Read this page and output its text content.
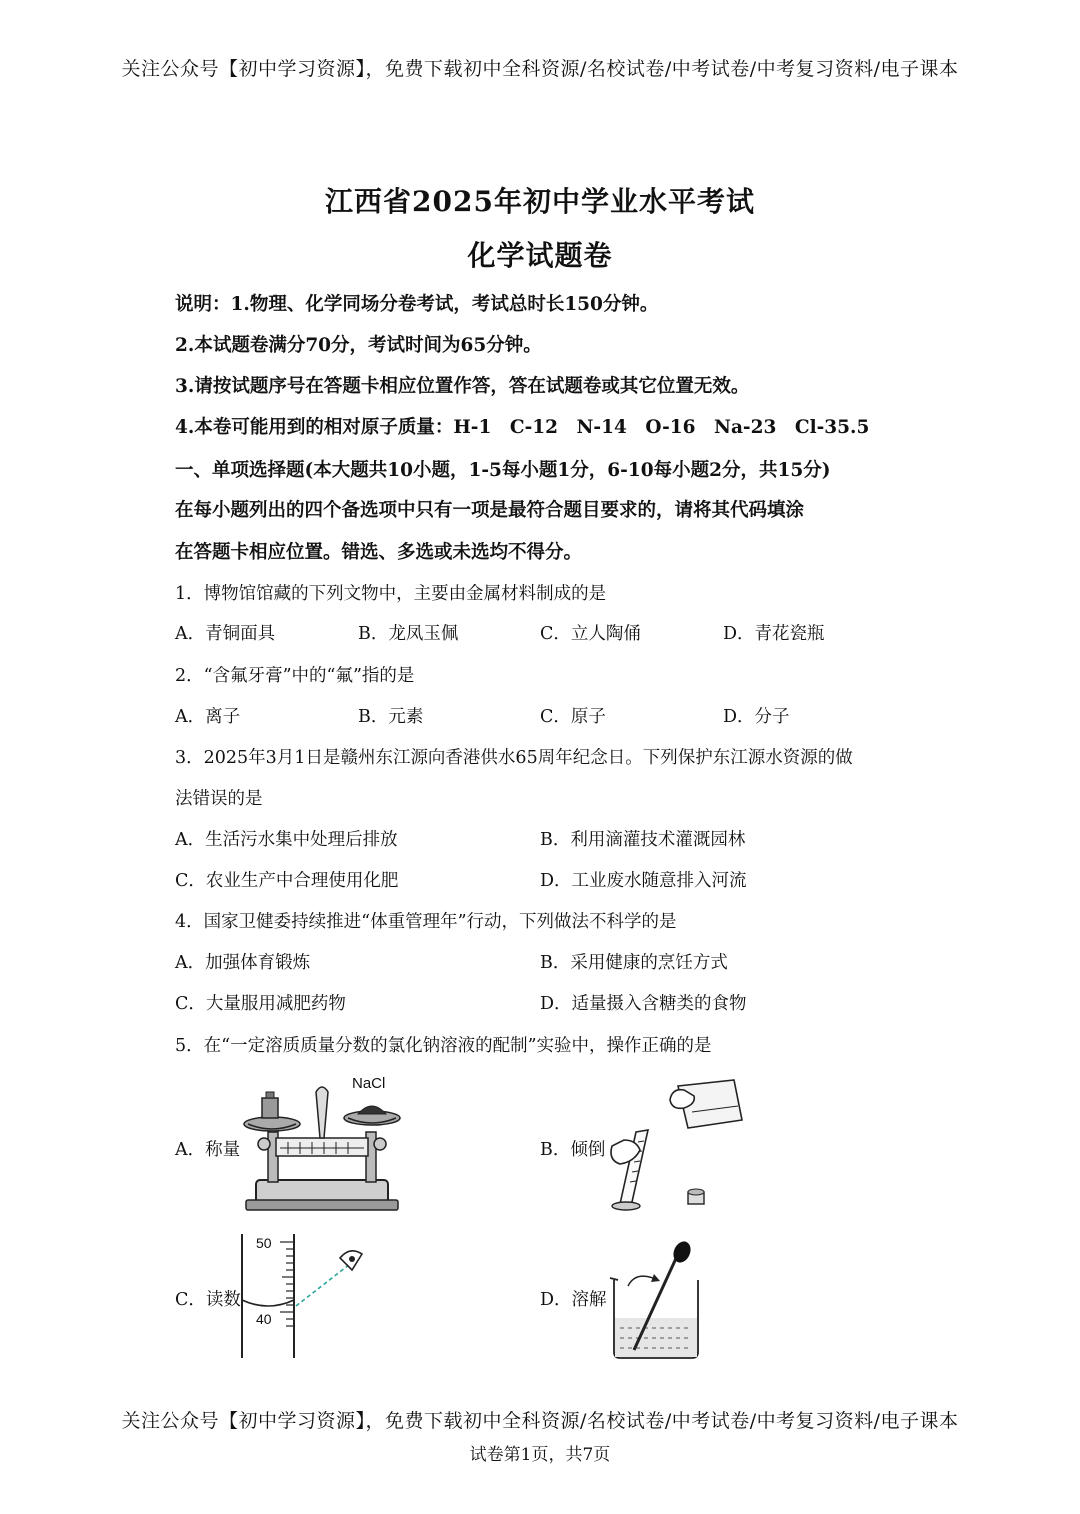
关注公众号【初中学习资源】，免费下载初中全科资源/名校试卷/中考试卷/中考复习资料/电子课本
江西省2025年初中学业水平考试
化学试题卷
说明：1.物理、化学同场分卷考试，考试总时长150分钟。
2.本试题卷满分70分，考试时间为65分钟。
3.请按试题序号在答题卡相应位置作答，答在试题卷或其它位置无效。
4.本卷可能用到的相对原子质量：H-1　C-12　N-14　O-16　Na-23　Cl-35.5
一、单项选择题(本大题共10小题，1-5每小题1分，6-10每小题2分，共15分)
在每小题列出的四个备选项中只有一项是最符合题目要求的，请将其代码填涂
在答题卡相应位置。错选、多选或未选均不得分。
1．博物馆馆藏的下列文物中，主要由金属材料制成的是
A．青铜面具	B．龙凤玉佩	C．立人陶俑	D．青花瓷瓶
2．“含氟牙膏”中的“氟”指的是
A．离子	B．元素	C．原子	D．分子
3．2025年3月1日是赣州东江源向香港供水65周年纪念日。下列保护东江源水资源的做
法错误的是
A．生活污水集中处理后排放	B．利用滴灌技术灌溉园林
C．农业生产中合理使用化肥	D．工业废水随意排入河流
4．国家卫健委持续推进“体重管理年”行动，下列做法不科学的是
A．加强体育锻炼	B．采用健康的烹饪方式
C．大量服用减肥药物	D．适量摄入含糖类的食物
5．在“一定溶质质量分数的氯化钠溶液的配制”实验中，操作正确的是
A．称量	B．倾倒
C．读数	D．溶解
NaCl
50
40
关注公众号【初中学习资源】，免费下载初中全科资源/名校试卷/中考试卷/中考复习资料/电子课本
试卷第1页，共7页
